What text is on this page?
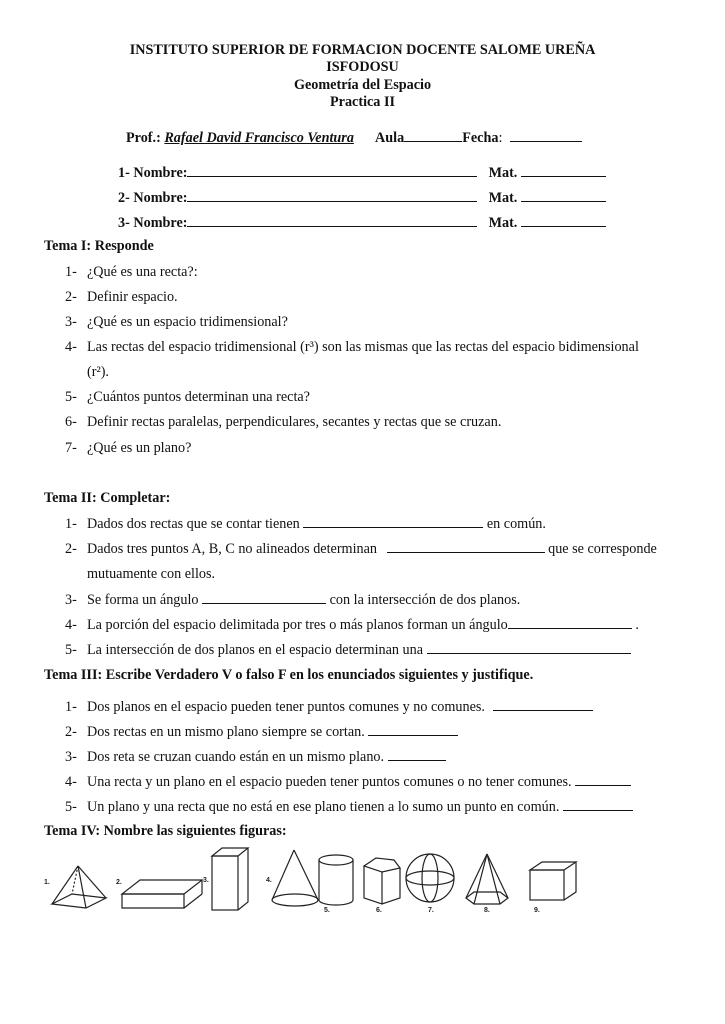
INSTITUTO SUPERIOR DE FORMACION DOCENTE SALOME UREÑA
ISFODOSU
Geometría del Espacio
Practica II
Prof.: Rafael David Francisco Ventura Aula	Fecha:
1- Nombre:	Mat.
2- Nombre:	Mat.
3- Nombre:	Mat.
Tema I: Responde
1- ¿Qué es una recta?:
2- Definir espacio.
3- ¿Qué es un espacio tridimensional?
4- Las rectas del espacio tridimensional (r³) son las mismas que las rectas del espacio bidimensional
(r²).
5- ¿Cuántos puntos determinan una recta?
6- Definir rectas paralelas, perpendiculares, secantes y rectas que se cruzan.
7- ¿Qué es un plano?
Tema II: Completar:
1- Dados dos rectas que se contar tienen	en común.
2- Dados tres puntos A, B, C no alineados determinan	que se corresponde
mutuamente con ellos.
3- Se forma un ángulo	con la intersección de dos planos.
4- La porción del espacio delimitada por tres o más planos forman un ángulo	.
5- La intersección de dos planos en el espacio determinan una
Tema III: Escribe Verdadero V o falso F en los enunciados siguientes y justifique.
1- Dos planos en el espacio pueden tener puntos comunes y no comunes.
2- Dos rectas en un mismo plano siempre se cortan.
3- Dos reta se cruzan cuando están en un mismo plano.
4- Una recta y un plano en el espacio pueden tener puntos comunes o no tener comunes.
5- Un plano y una recta que no está en ese plano tienen a lo sumo un punto en común.
Tema IV: Nombre las siguientes figuras:
1.	2.	3.	4.
5.	6.	7.	8.	9.
